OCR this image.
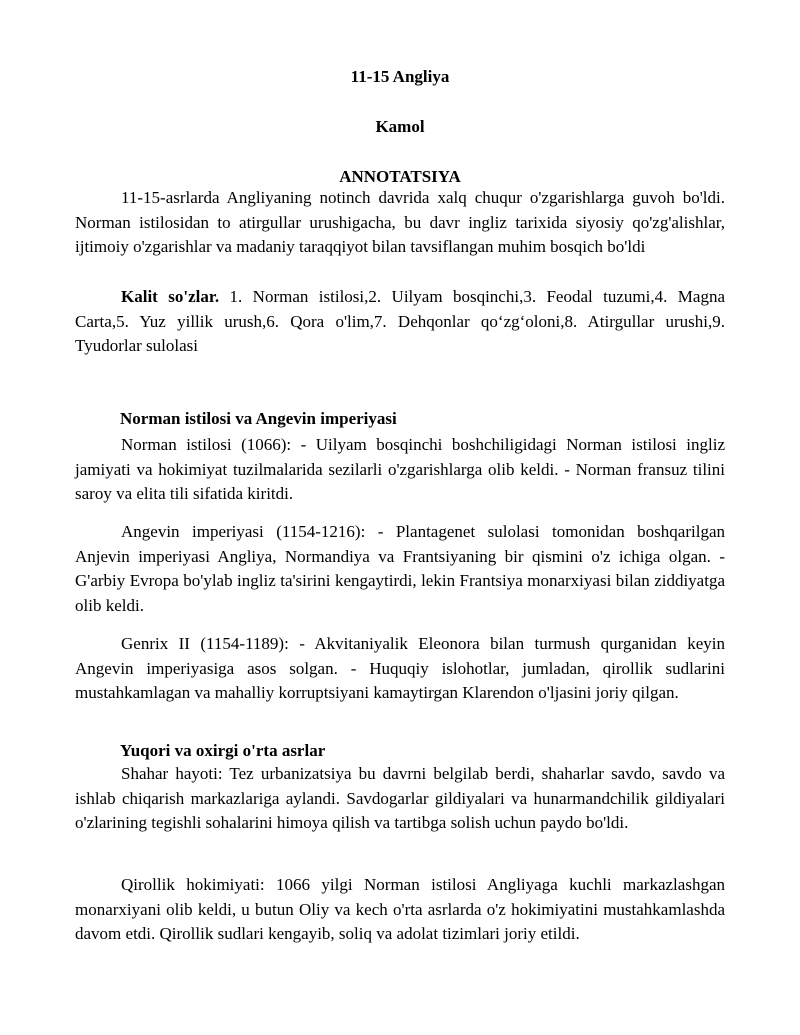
11-15 Angliya
Kamol
ANNOTATSIYA

11-15-asrlarda Angliyaning notinch davrida xalq chuqur o'zgarishlarga guvoh bo'ldi. Norman istilosidan to atirgullar urushigacha, bu davr ingliz tarixida siyosiy qo'zg'alishlar, ijtimoiy o'zgarishlar va madaniy taraqqiyot bilan tavsiflangan muhim bosqich bo'ldi

Kalit so'zlar. 1. Norman istilosi,2. Uilyam bosqinchi,3. Feodal tuzumi,4. Magna Carta,5. Yuz yillik urush,6. Qora o'lim,7. Dehqonlar qo‘zg‘oloni,8. Atirgullar urushi,9. Tyudorlar sulolasi

Norman istilosi va Angevin imperiyasi

Norman istilosi (1066): - Uilyam bosqinchi boshchiligidagi Norman istilosi ingliz jamiyati va hokimiyat tuzilmalarida sezilarli o'zgarishlarga olib keldi. - Norman fransuz tilini saroy va elita tili sifatida kiritdi.

Angevin imperiyasi (1154-1216): - Plantagenet sulolasi tomonidan boshqarilgan Anjevin imperiyasi Angliya, Normandiya va Frantsiyaning bir qismini o'z ichiga olgan. - G'arbiy Evropa bo'ylab ingliz ta'sirini kengaytirdi, lekin Frantsiya monarxiyasi bilan ziddiyatga olib keldi.

Genrix II (1154-1189): - Akvitaniyalik Eleonora bilan turmush qurganidan keyin Angevin imperiyasiga asos solgan. - Huquqiy islohotlar, jumladan, qirollik sudlarini mustahkamlagan va mahalliy korruptsiyani kamaytirgan Klarendon o'ljasini joriy qilgan.

Yuqori va oxirgi o'rta asrlar

Shahar hayoti: Tez urbanizatsiya bu davrni belgilab berdi, shaharlar savdo, savdo va ishlab chiqarish markazlariga aylandi. Savdogarlar gildiyalari va hunarmandchilik gildiyalari o'zlarining tegishli sohalarini himoya qilish va tartibga solish uchun paydo bo'ldi.

Qirollik hokimiyati: 1066 yilgi Norman istilosi Angliyaga kuchli markazlashgan monarxiyani olib keldi, u butun Oliy va kech o'rta asrlarda o'z hokimiyatini mustahkamlashda davom etdi. Qirollik sudlari kengayib, soliq va adolat tizimlari joriy etildi.
